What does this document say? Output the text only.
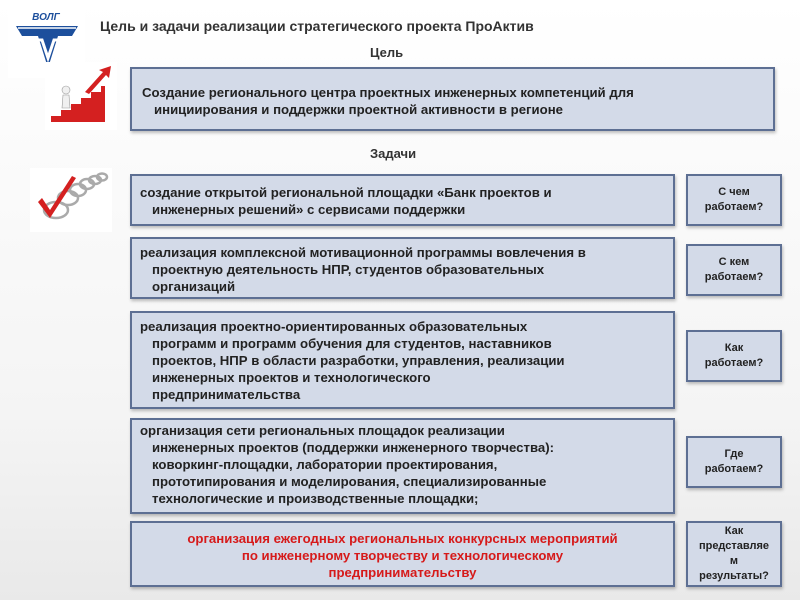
ВОЛГ
Цель и задачи реализации стратегического проекта ПроАктив
Цель
Создание регионального центра проектных инженерных компетенций для
инициирования и поддержки проектной активности в регионе
Задачи
создание открытой региональной площадки «Банк проектов и
инженерных решений» с сервисами поддержки
С чем
работаем?
реализация комплексной мотивационной программы вовлечения в
проектную деятельность НПР, студентов образовательных
организаций
С кем
работаем?
реализация проектно-ориентированных образовательных
программ и программ обучения для студентов, наставников
проектов, НПР в области разработки, управления, реализации
инженерных проектов и технологического
предпринимательства
Как
работаем?
организация сети региональных площадок реализации
инженерных проектов (поддержки инженерного творчества):
коворкинг-площадки, лаборатории проектирования,
прототипирования и моделирования, специализированные
технологические и производственные площадки;
Где
работаем?
организация ежегодных региональных конкурсных мероприятий
по инженерному творчеству и технологическому
предпринимательству
Как
представляе
м
результаты?
